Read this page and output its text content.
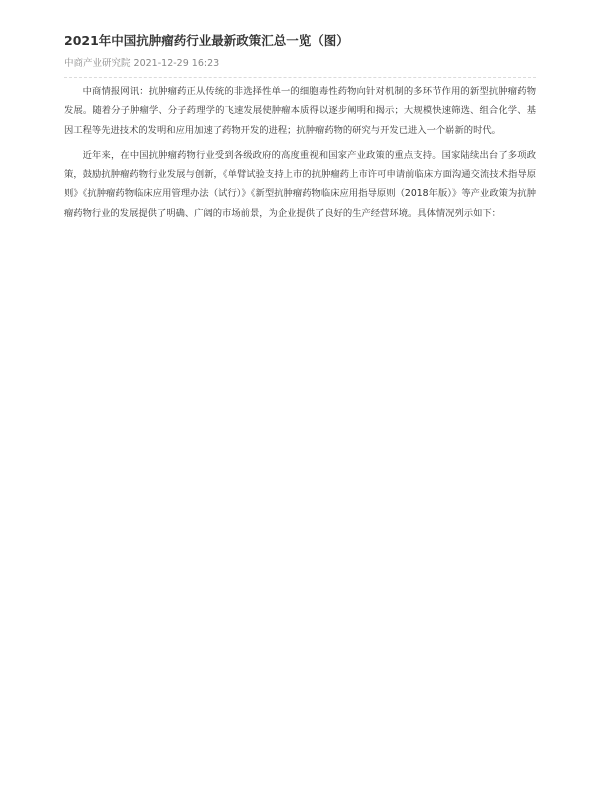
2021年中国抗肿瘤药行业最新政策汇总一览（图）
中商产业研究院 2021-12-29 16:23

中商情报网讯：抗肿瘤药正从传统的非选择性单一的细胞毒性药物向针对机制的多环节作用的新型抗肿瘤药物发展。随着分子肿瘤学、分子药理学的飞速发展使肿瘤本质得以逐步阐明和揭示；大规模快速筛选、组合化学、基因工程等先进技术的发明和应用加速了药物开发的进程；抗肿瘤药物的研究与开发已进入一个崭新的时代。

近年来，在中国抗肿瘤药物行业受到各级政府的高度重视和国家产业政策的重点支持。国家陆续出台了多项政策，鼓励抗肿瘤药物行业发展与创新，《单臂试验支持上市的抗肿瘤药上市许可申请前临床方面沟通交流技术指导原则》《抗肿瘤药物临床应用管理办法（试行）》《新型抗肿瘤药物临床应用指导原则（2018年版）》等产业政策为抗肿瘤药物行业的发展提供了明确、广阔的市场前景，为企业提供了良好的生产经营环境。具体情况列示如下：
